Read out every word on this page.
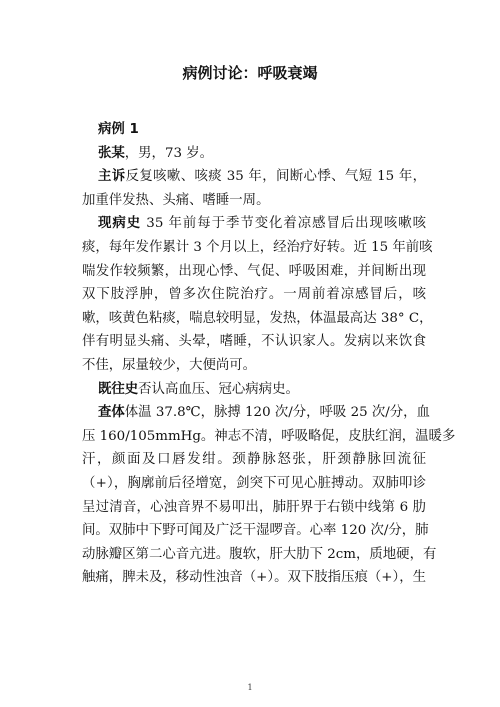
病例讨论：呼吸衰竭
病例 1
张某，男，73 岁。
主诉反复咳嗽、咳痰 35 年，间断心悸、气短 15 年，
加重伴发热、头痛、嗜睡一周。
现病史 35 年前每于季节变化着凉感冒后出现咳嗽咳
痰，每年发作累计 3 个月以上，经治疗好转。近 15 年前咳
喘发作较频繁，出现心悸、气促、呼吸困难，并间断出现
双下肢浮肿，曾多次住院治疗。一周前着凉感冒后，咳
嗽，咳黄色粘痰，喘息较明显，发热，体温最高达 38° C，
伴有明显头痛、头晕，嗜睡，不认识家人。发病以来饮食
不佳，尿量较少，大便尚可。
既往史否认高血压、冠心病病史。
查体体温 37.8℃，脉搏 120 次/分，呼吸 25 次/分，血
压 160/105mmHg。神志不清，呼吸略促，皮肤红润，温暖多
汗，颜面及口唇发绀。颈静脉怒张，肝颈静脉回流征
（+），胸廓前后径增宽，剑突下可见心脏搏动。双肺叩诊
呈过清音，心浊音界不易叩出，肺肝界于右锁中线第 6 肋
间。双肺中下野可闻及广泛干湿啰音。心率 120 次/分，肺
动脉瓣区第二心音亢进。腹软，肝大肋下 2cm，质地硬，有
触痛，脾未及，移动性浊音（+）。双下肢指压痕（+），生
1
